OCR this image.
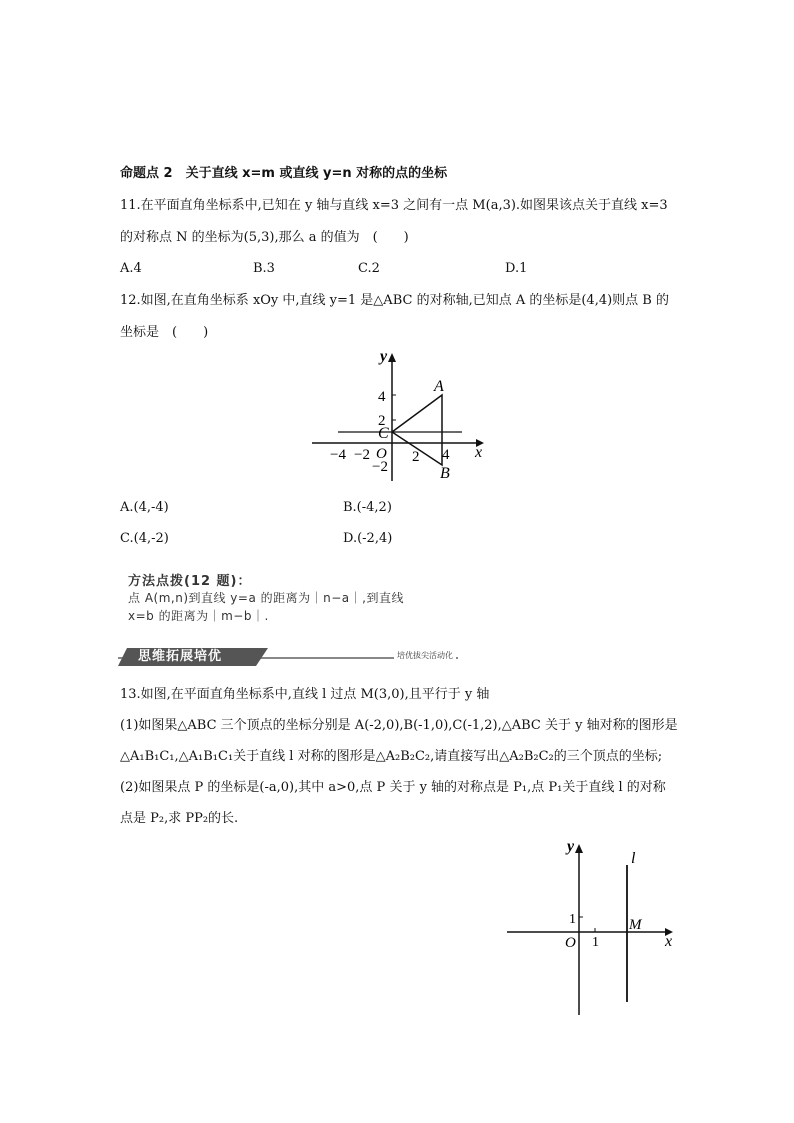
命题点 2　关于直线 x=m 或直线 y=n 对称的点的坐标
11.在平面直角坐标系中,已知在 y 轴与直线 x=3 之间有一点 M(a,3).如图果该点关于直线 x=3
的对称点 N 的坐标为(5,3),那么 a 的值为　(　　)
A.4	B.3	C.2	D.1
12.如图,在直角坐标系 xOy 中,直线 y=1 是△ABC 的对称轴,已知点 A 的坐标是(4,4)则点 B 的
坐标是　(　　)
y
x
4
2
−2
−4 −2	2 4
O
A
B
C
A.(4,-4)	B.(-4,2)
C.(4,-2)	D.(-2,4)
方法点拨(12 题)：
点 A(m,n)到直线 y=a 的距离为｜n−a｜,到直线
x=b 的距离为｜m−b｜.
思维拓展培优	培优拔尖活动化
13.如图,在平面直角坐标系中,直线 l 过点 M(3,0),且平行于 y 轴
(1)如图果△ABC 三个顶点的坐标分别是 A(-2,0),B(-1,0),C(-1,2),△ABC 关于 y 轴对称的图形是
△A₁B₁C₁,△A₁B₁C₁关于直线 l 对称的图形是△A₂B₂C₂,请直接写出△A₂B₂C₂的三个顶点的坐标;
(2)如图果点 P 的坐标是(-a,0),其中 a>0,点 P 关于 y 轴的对称点是 P₁,点 P₁关于直线 l 的对称
点是 P₂,求 PP₂的长.
y
x
l
1
1
O
M
